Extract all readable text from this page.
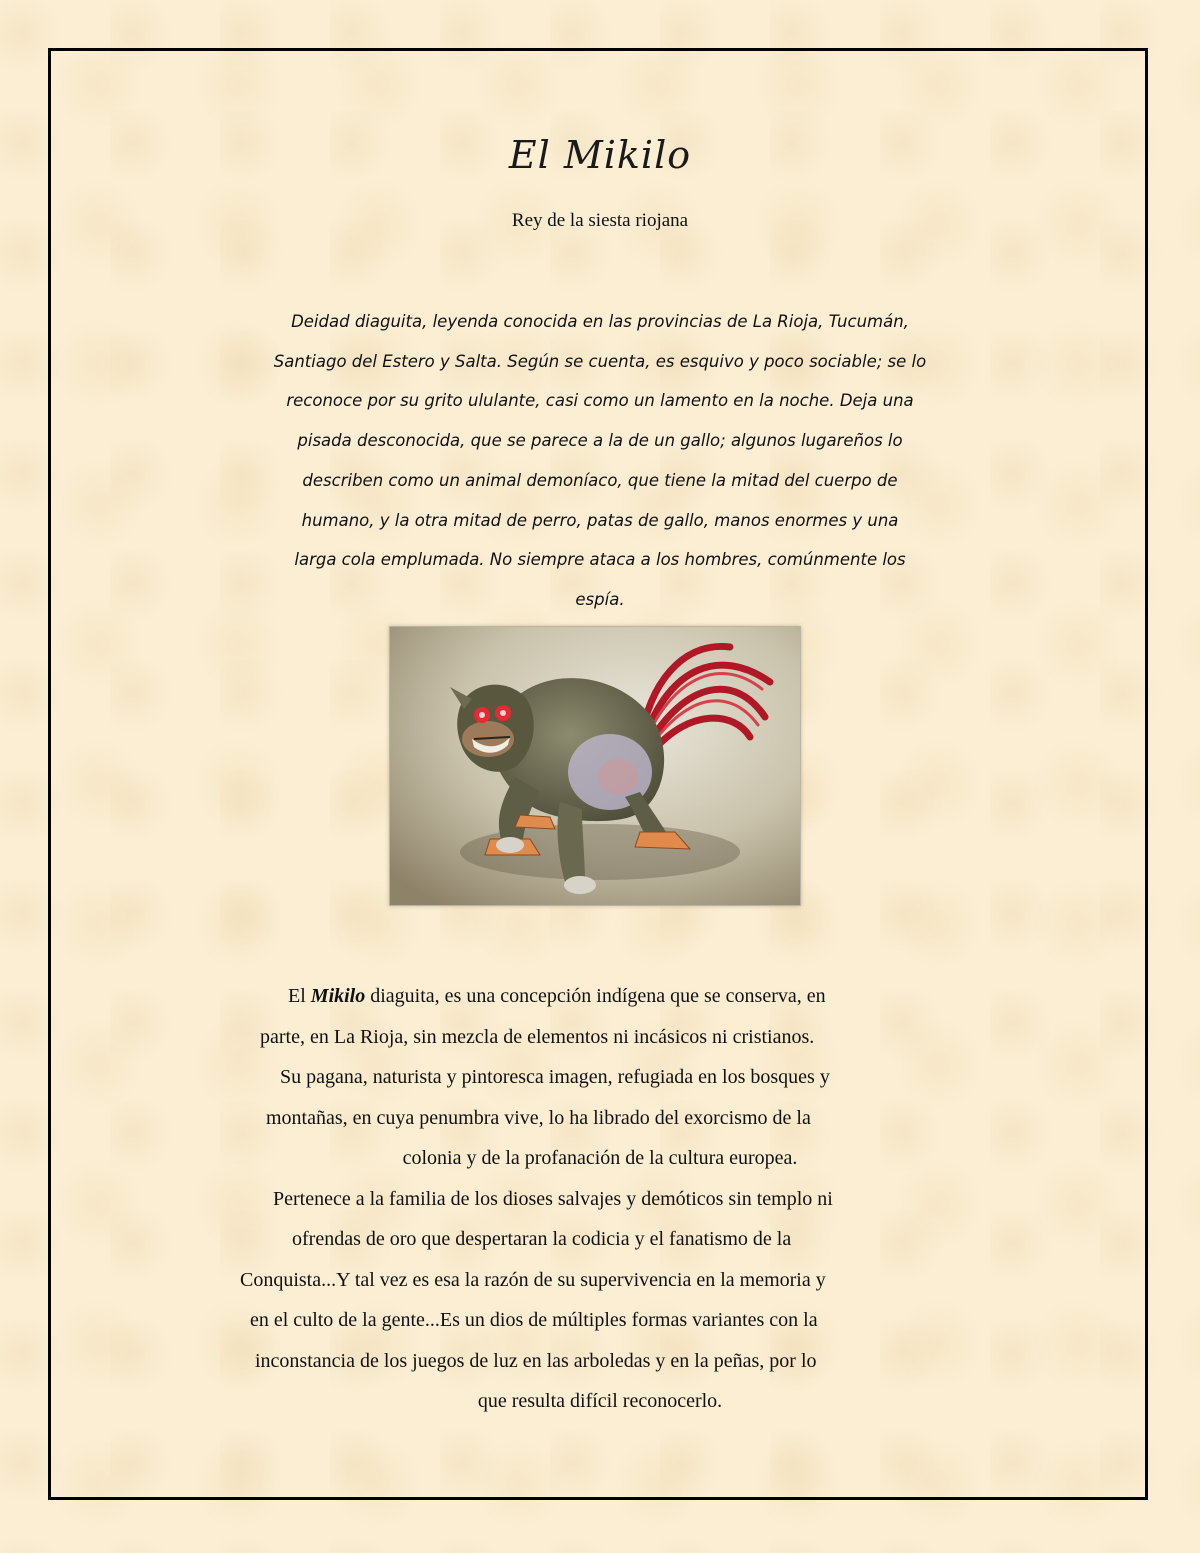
El Mikilo
Rey de la siesta riojana

Deidad diaguita, leyenda conocida en las provincias de La Rioja, Tucumán,
Santiago del Estero y Salta. Según se cuenta, es esquivo y poco sociable; se lo
reconoce por su grito ululante, casi como un lamento en la noche. Deja una
pisada desconocida, que se parece a la de un gallo; algunos lugareños lo
describen como un animal demoníaco, que tiene la mitad del cuerpo de
humano, y la otra mitad de perro, patas de gallo, manos enormes y una
larga cola emplumada. No siempre ataca a los hombres, comúnmente los
espía.

El Mikilo diaguita, es una concepción indígena que se conserva, en
parte, en La Rioja, sin mezcla de elementos ni incásicos ni cristianos.
Su pagana, naturista y pintoresca imagen, refugiada en los bosques y
montañas, en cuya penumbra vive, lo ha librado del exorcismo de la
colonia y de la profanación de la cultura europea.
Pertenece a la familia de los dioses salvajes y demóticos sin templo ni
ofrendas de oro que despertaran la codicia y el fanatismo de la
Conquista...Y tal vez es esa la razón de su supervivencia en la memoria y
en el culto de la gente...Es un dios de múltiples formas variantes con la
inconstancia de los juegos de luz en las arboledas y en la peñas, por lo
que resulta difícil reconocerlo.
